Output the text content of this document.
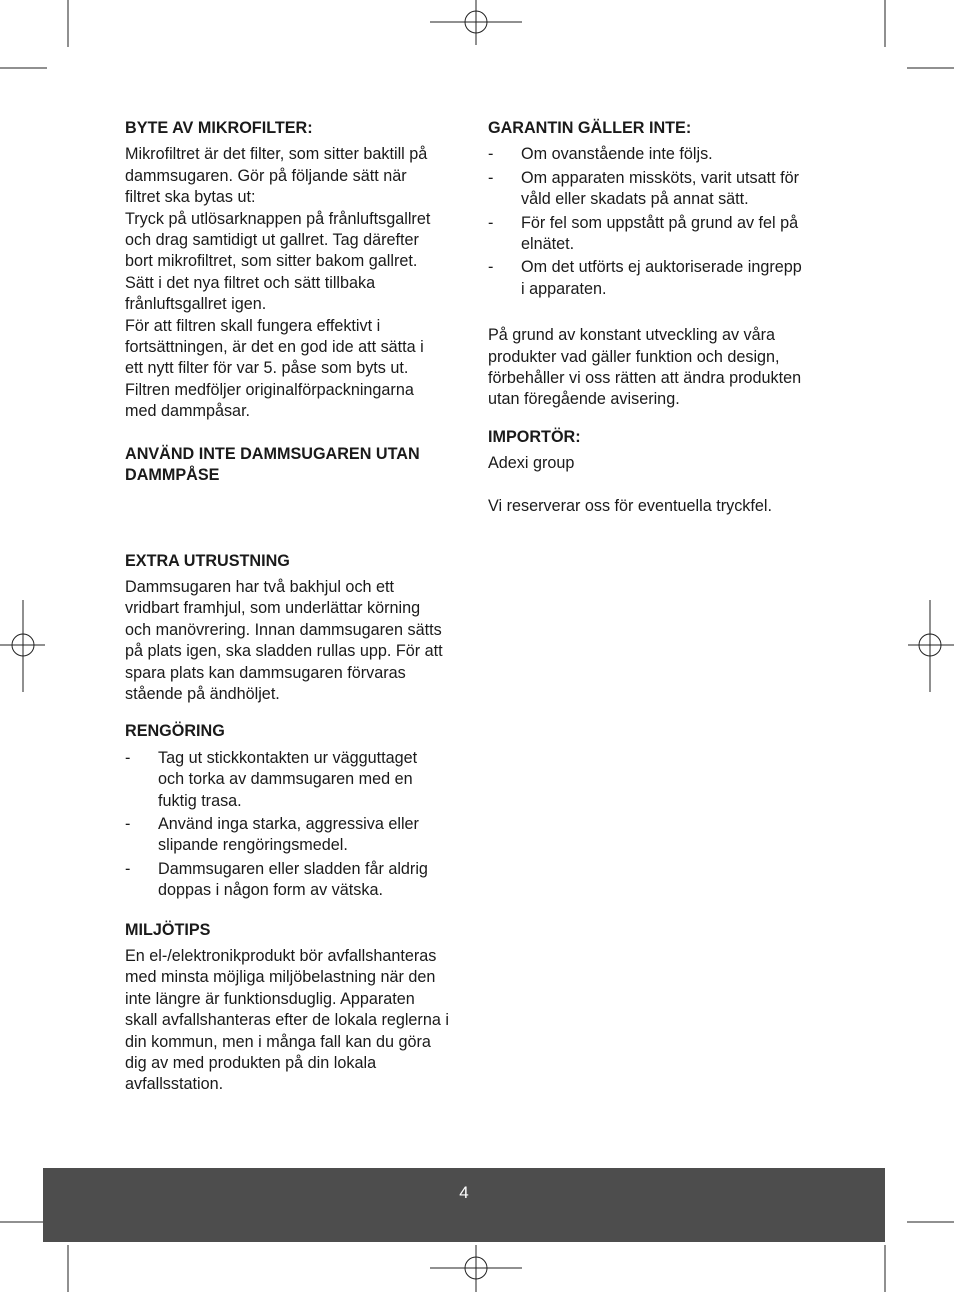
BYTE AV MIKROFILTER:
Mikrofiltret är det filter, som sitter baktill på
dammsugaren. Gör på följande sätt när
filtret ska bytas ut:
Tryck på utlösarknappen på frånluftsgallret
och drag samtidigt ut gallret. Tag därefter
bort mikrofiltret, som sitter bakom gallret.
Sätt i det nya filtret och sätt tillbaka
frånluftsgallret igen.
För att filtren skall fungera effektivt i
fortsättningen, är det en god ide att sätta i
ett nytt filter för var 5. påse som byts ut.
Filtren medföljer originalförpackningarna
med dammpåsar.
ANVÄND INTE DAMMSUGAREN UTAN
DAMMPÅSE
EXTRA UTRUSTNING
Dammsugaren har två bakhjul och ett
vridbart framhjul, som underlättar körning
och manövrering. Innan dammsugaren sätts
på plats igen, ska sladden rullas upp. För att
spara plats kan dammsugaren förvaras
stående på ändhöljet.
RENGÖRING
- Tag ut stickkontakten ur vägguttaget
och torka av dammsugaren med en
fuktig trasa.
- Använd inga starka, aggressiva eller
slipande rengöringsmedel.
- Dammsugaren eller sladden får aldrig
doppas i någon form av vätska.
MILJÖTIPS
En el-/elektronikprodukt bör avfallshanteras
med minsta möjliga miljöbelastning när den
inte längre är funktionsduglig. Apparaten
skall avfallshanteras efter de lokala reglerna i
din kommun, men i många fall kan du göra
dig av med produkten på din lokala
avfallsstation.
GARANTIN GÄLLER INTE:
- Om ovanstående inte följs.
- Om apparaten missköts, varit utsatt för
våld eller skadats på annat sätt.
- För fel som uppstått på grund av fel på
elnätet.
- Om det utförts ej auktoriserade ingrepp
i apparaten.
På grund av konstant utveckling av våra
produkter vad gäller funktion och design,
förbehåller vi oss rätten att ändra produkten
utan föregående avisering.
IMPORTÖR:
Adexi group
Vi reserverar oss för eventuella tryckfel.
4
